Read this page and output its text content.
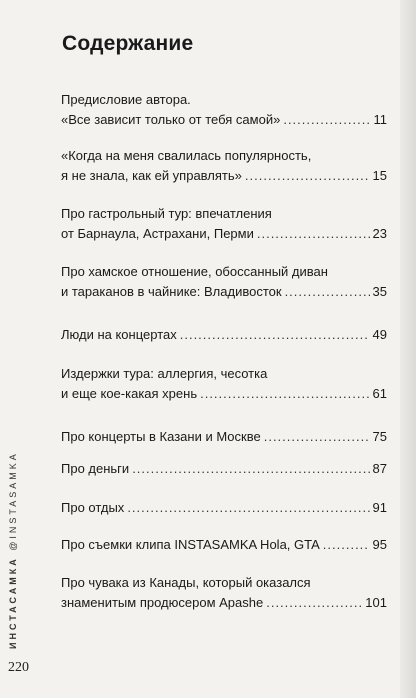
Содержание
Предисловие автора.
«Все зависит только от тебя самой» .....	11
«Когда на меня свалилась популярность,
я не знала, как ей управлять» .....	15
Про гастрольный тур: впечатления
от Барнаула, Астрахани, Перми .....	23
Про хамское отношение, обоссанный диван
и тараканов в чайнике: Владивосток .....	35
Люди на концертах .....	49
Издержки тура: аллергия, чесотка
и еще кое-какая хрень .....	61
Про концерты в Казани и Москве .....	75
Про деньги .....	87
Про отдых .....	91
Про съемки клипа INSTASAMKA Hola, GTA .....	95
Про чувака из Канады, который оказался
знаменитым продюсером Apashe .....	101
ИНСТАСАМКА @INSTASAMKA
220
